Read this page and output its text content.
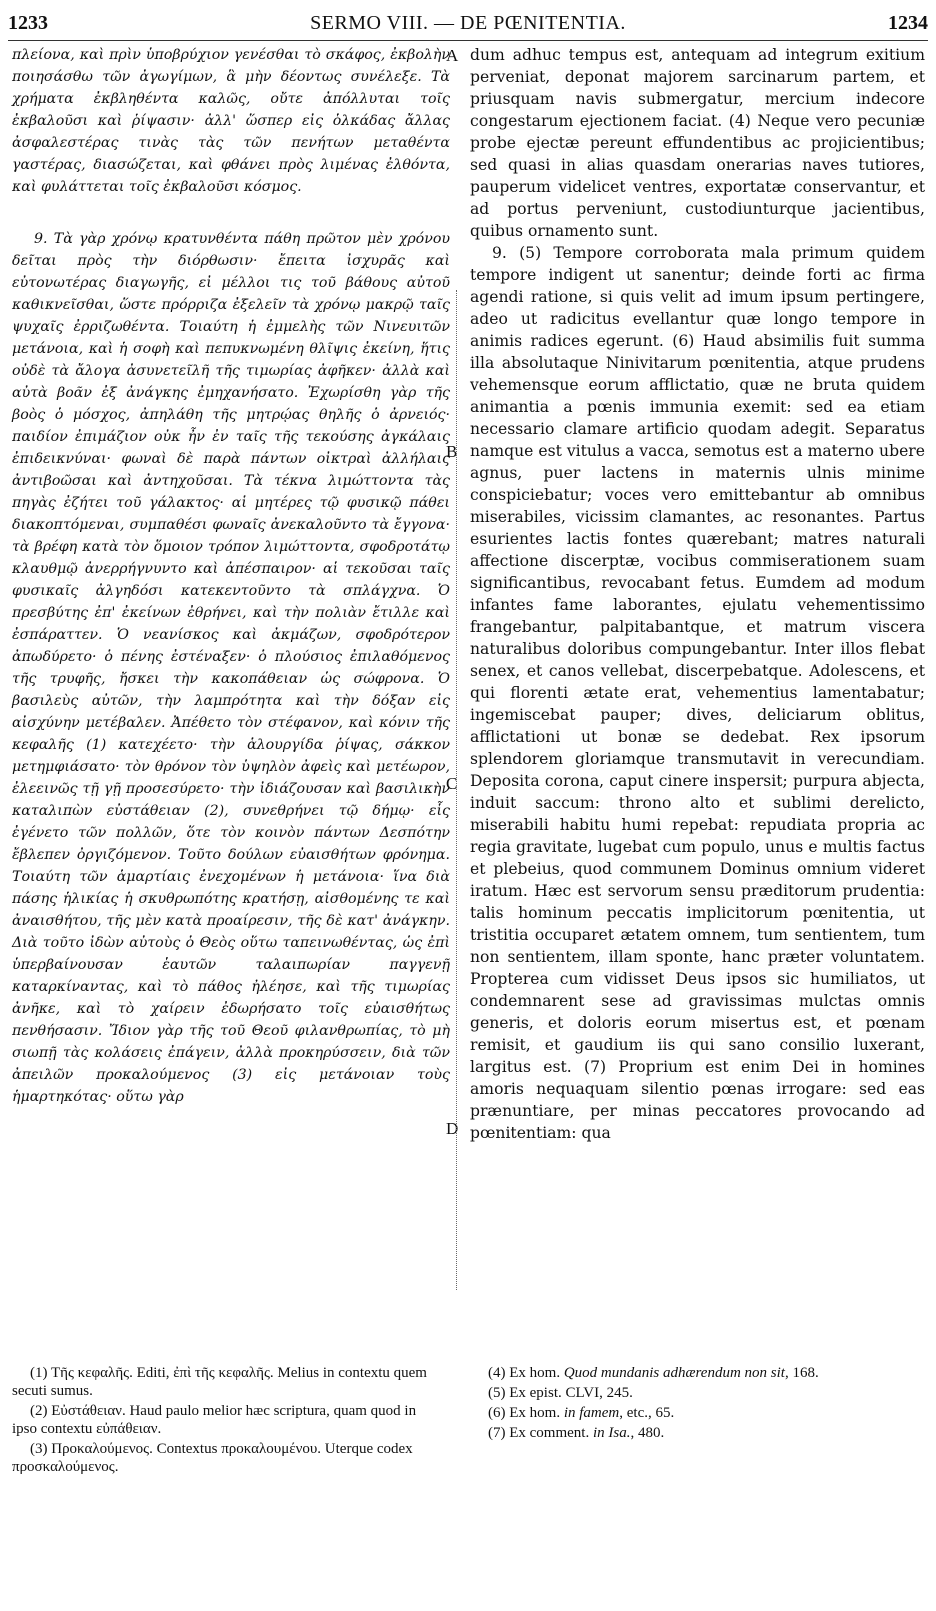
1233	SERMO VIII. — DE PŒNITENTIA.	1234

πλείονα, καὶ πρὶν ὑποβρύχιον γενέσθαι τὸ σκάφος, ἐκβολὴν ποιησάσθω τῶν ἀγωγίμων, ἃ μὴν δέοντως συνέλεξε. Τὰ χρήματα ἐκβληθέντα καλῶς, οὔτε ἀπόλλυται τοῖς ἐκβαλοῦσι καὶ ῥίψασιν· ἀλλ' ὥσπερ εἰς ὁλκάδας ἄλλας ἀσφαλεστέρας τινὰς τὰς τῶν πενήτων μεταθέντα γαστέρας, διασώζεται, καὶ φθάνει πρὸς λιμένας ἐλθόντα, καὶ φυλάττεται τοῖς ἐκβαλοῦσι κόσμος.

9. Τὰ γὰρ χρόνῳ κρατυνθέντα πάθη πρῶτον μὲν χρόνου δεῖται πρὸς τὴν διόρθωσιν· ἔπειτα ἰσχυρᾶς καὶ εὐτονωτέρας διαγωγῆς, εἰ μέλλοι τις τοῦ βάθους αὐτοῦ καθικνεῖσθαι, ὥστε πρόρριζα ἐξελεῖν τὰ χρόνῳ μακρῷ ταῖς ψυχαῖς ἐρριζωθέντα. Τοιαύτη ἡ ἐμμελὴς τῶν Νινευιτῶν μετάνοια, καὶ ἡ σοφὴ καὶ πεπυκνωμένη θλῖψις ἐκείνη, ἥτις οὐδὲ τὰ ἄλογα ἀσυνετεῖλῆ τῆς τιμωρίας ἀφῆκεν· ἀλλὰ καὶ αὐτὰ βοᾶν ἐξ ἀνάγκης ἐμηχανήσατο. Ἐχωρίσθη γὰρ τῆς βοὸς ὁ μόσχος, ἀπηλάθη τῆς μητρῴας θηλῆς ὁ ἀρνειός· παιδίον ἐπιμάζιον οὐκ ἦν ἐν ταῖς τῆς τεκούσης ἀγκάλαις ἐπιδεικνύναι· φωναὶ δὲ παρὰ πάντων οἰκτραὶ ἀλλήλαις ἀντιβοῶσαι καὶ ἀντηχοῦσαι. Τὰ τέκνα λιμώττοντα τὰς πηγὰς ἐζήτει τοῦ γάλακτος· αἱ μητέρες τῷ φυσικῷ πάθει διακοπτόμεναι, συμπαθέσι φωναῖς ἀνεκαλοῦντο τὰ ἔγγονα· τὰ βρέφη κατὰ τὸν ὅμοιον τρόπον λιμώττοντα, σφοδροτάτῳ κλαυθμῷ ἀνερρήγνυντο καὶ ἀπέσπαιρον· αἱ τεκοῦσαι ταῖς φυσικαῖς ἀλγηδόσι κατεκεντοῦντο τὰ σπλάγχνα. Ὁ πρεσβύτης ἐπ' ἐκείνων ἐθρήνει, καὶ τὴν πολιὰν ἔτιλλε καὶ ἐσπάραττεν. Ὁ νεανίσκος καὶ ἀκμάζων, σφοδρότερον ἀπωδύρετο· ὁ πένης ἐστέναξεν· ὁ πλούσιος ἐπιλαθόμενος τῆς τρυφῆς, ἤσκει τὴν κακοπάθειαν ὡς σώφρονα. Ὁ βασιλεὺς αὐτῶν, τὴν λαμπρότητα καὶ τὴν δόξαν εἰς αἰσχύνην μετέβαλεν. Ἀπέθετο τὸν στέφανον, καὶ κόνιν τῆς κεφαλῆς (1) κατεχέετο· τὴν ἁλουργίδα ῥίψας, σάκκον μετημφιάσατο· τὸν θρόνον τὸν ὑψηλὸν ἀφεὶς καὶ μετέωρον, ἐλεεινῶς τῇ γῇ προσεσύρετο· τὴν ἰδιάζουσαν καὶ βασιλικὴν καταλιπὼν εὐστάθειαν (2), συνεθρήνει τῷ δήμῳ· εἷς ἐγένετο τῶν πολλῶν, ὅτε τὸν κοινὸν πάντων Δεσπότην ἔβλεπεν ὀργιζόμενον. Τοῦτο δούλων εὐαισθήτων φρόνημα. Τοιαύτη τῶν ἁμαρτίαις ἐνεχομένων ἡ μετάνοια· ἵνα διὰ πάσης ἡλικίας ἡ σκυθρωπότης κρατήσῃ, αἰσθομένης τε καὶ ἀναισθήτου, τῆς μὲν κατὰ προαίρεσιν, τῆς δὲ κατ' ἀνάγκην. Διὰ τοῦτο ἰδὼν αὐτοὺς ὁ Θεὸς οὕτω ταπεινωθέντας, ὡς ἐπὶ ὑπερβαίνουσαν ἑαυτῶν ταλαιπωρίαν παγγενῇ καταρκίναντας, καὶ τὸ πάθος ἠλέησε, καὶ τῆς τιμωρίας ἀνῆκε, καὶ τὸ χαίρειν ἐδωρήσατο τοῖς εὐαισθήτως πενθήσασιν. Ἴδιον γὰρ τῆς τοῦ Θεοῦ φιλανθρωπίας, τὸ μὴ σιωπῇ τὰς κολάσεις ἐπάγειν, ἀλλὰ προκηρύσσειν, διὰ τῶν ἀπειλῶν προκαλούμενος (3) εἰς μετάνοιαν τοὺς ἡμαρτηκότας· οὕτω γὰρ

A
B
C
D

dum adhuc tempus est, antequam ad integrum exitium perveniat, deponat majorem sarcinarum partem, et priusquam navis submergatur, mercium indecore congestarum ejectionem faciat. (4) Neque vero pecuniæ probe ejectæ pereunt effundentibus ac projicientibus; sed quasi in alias quasdam onerarias naves tutiores, pauperum videlicet ventres, exportatæ conservantur, et ad portus perveniunt, custodiunturque jacientibus, quibus ornamento sunt.

9. (5) Tempore corroborata mala primum quidem tempore indigent ut sanentur; deinde forti ac firma agendi ratione, si quis velit ad imum ipsum pertingere, adeo ut radicitus evellantur quæ longo tempore in animis radices egerunt. (6) Haud absimilis fuit summa illa absolutaque Ninivitarum pœnitentia, atque prudens vehemensque eorum afflictatio, quæ ne bruta quidem animantia a pœnis immunia exemit: sed ea etiam necessario clamare artificio quodam adegit. Separatus namque est vitulus a vacca, semotus est a materno ubere agnus, puer lactens in maternis ulnis minime conspiciebatur; voces vero emittebantur ab omnibus miserabiles, vicissim clamantes, ac resonantes. Partus esurientes lactis fontes quærebant; matres naturali affectione discerptæ, vocibus commiserationem suam significantibus, revocabant fetus. Eumdem ad modum infantes fame laborantes, ejulatu vehementissimo frangebantur, palpitabantque, et matrum viscera naturalibus doloribus compungebantur. Inter illos flebat senex, et canos vellebat, discerpebatque. Adolescens, et qui florenti ætate erat, vehementius lamentabatur; ingemiscebat pauper; dives, deliciarum oblitus, afflictationi ut bonæ se dedebat. Rex ipsorum splendorem gloriamque transmutavit in verecundiam. Deposita corona, caput cinere inspersit; purpura abjecta, induit saccum: throno alto et sublimi derelicto, miserabili habitu humi repebat: repudiata propria ac regia gravitate, lugebat cum populo, unus e multis factus et plebeius, quod communem Dominus omnium videret iratum. Hæc est servorum sensu præditorum prudentia: talis hominum peccatis implicitorum pœnitentia, ut tristitia occuparet ætatem omnem, tum sentientem, tum non sentientem, illam sponte, hanc præter voluntatem. Propterea cum vidisset Deus ipsos sic humiliatos, ut condemnarent sese ad gravissimas mulctas omnis generis, et doloris eorum misertus est, et pœnam remisit, et gaudium iis qui sano consilio luxerant, largitus est. (7) Proprium est enim Dei in homines amoris nequaquam silentio pœnas irrogare: sed eas prænuntiare, per minas peccatores provocando ad pœnitentiam: qua

(1) Τῆς κεφαλῆς. Editi, ἐπὶ τῆς κεφαλῆς. Melius in contextu quem secuti sumus.

(2) Εὐστάθειαν. Haud paulo melior hæc scriptura, quam quod in ipso contextu εὐπάθειαν.

(3) Προκαλούμενος. Contextus προκαλουμένου. Uterque codex προσκαλούμενος.

(4) Ex hom. Quod mundanis adhærendum non sit, 168.

(5) Ex epist. CLVI, 245.

(6) Ex hom. in famem, etc., 65.

(7) Ex comment. in Isa., 480.
